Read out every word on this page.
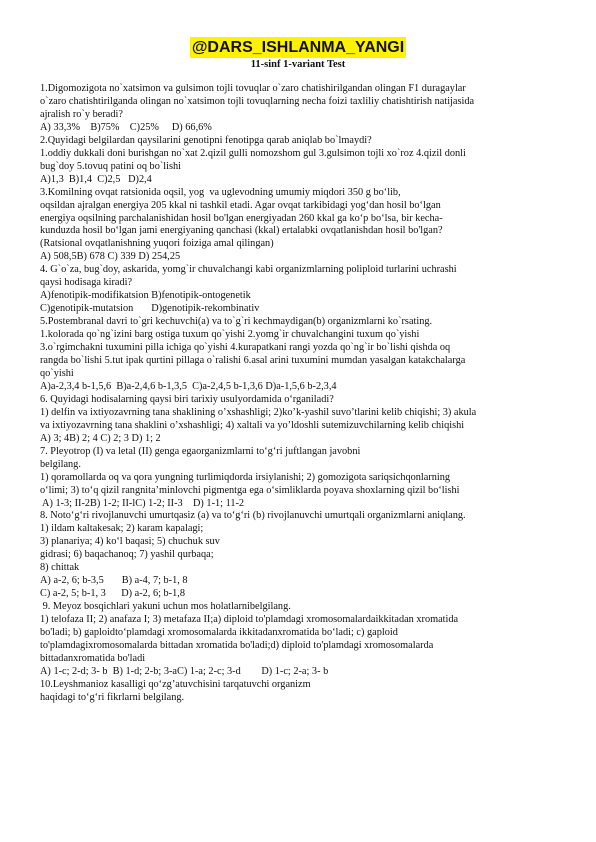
@DARS_ISHLANMA_YANGI
11-sinf 1-variant Test
1.Digomozigota no`xatsimon va gulsimon tojli tovuqlar o`zaro chatishirilgandan olingan F1 duragaylar
o`zaro chatishtirilganda olingan no`xatsimon tojli tovuqlarning necha foizi taxliliy chatishtirish natijasida
ajralish ro`y beradi?
A) 33,3%    B)75%    C)25%     D) 66,6%
2.Quyidagi belgilardan qaysilarini genotipni fenotipga qarab aniqlab bo`lmaydi?
1.oddiy dukkali doni burishgan no`xat 2.qizil gulli nomozshom gul 3.gulsimon tojli xo`roz 4.qizil donli
bug`doy 5.tovuq patini oq bo`lishi
A)1,3  B)1,4  C)2,5   D)2,4
3.Komilning ovqat ratsionida oqsil, yog  va uglevodning umumiy miqdori 350 g bo‘lib,
oqsildan ajralgan energiya 205 kkal ni tashkil etadi. Agar ovqat tarkibidagi yog‘dan hosil bo‘lgan
energiya oqsilning parchalanishidan hosil bo'lgan energiyadan 260 kkal ga ko‘p bo‘lsa, bir kecha-
kunduzda hosil bo‘lgan jami energiyaning qanchasi (kkal) ertalabki ovqatlanishdan hosil bo'lgan?
(Ratsional ovqatlanishning yuqori foiziga amal qilingan)
A) 508,5B) 678 C) 339 D) 254,25
4. G`o`za, bug`doy, askarida, yomg`ir chuvalchangi kabi organizmlarning poliploid turlarini uchrashi
qaysi hodisaga kiradi?
A)fenotipik-modifikatsion B)fenotipik-ontogenetik
C)genotipik-mutatsion       D)genotipik-rekombinativ
5.Postembranal davri to`gri kechuvchi(a) va to`g`ri kechmaydigan(b) organizmlarni ko`rsating.
1.kolorada qo`ng`izini barg ostiga tuxum qo`yishi 2.yomg`ir chuvalchangini tuxum qo`yishi
3.o`rgimchakni tuxumini pilla ichiga qo`yishi 4.kurapatkani rangi yozda qo`ng`ir bo`lishi qishda oq
rangda bo`lishi 5.tut ipak qurtini pillaga o`ralishi 6.asal arini tuxumini mumdan yasalgan katakchalarga
qo`yishi
A)a-2,3,4 b-1,5,6  B)a-2,4,6 b-1,3,5  C)a-2,4,5 b-1,3,6 D)a-1,5,6 b-2,3,4
6. Quyidagi hodisalarning qaysi biri tarixiy usulyordamida o‘rganiladi?
1) delfin va ixtiyozavrning tana shaklining o’xshashligi; 2)ko’k-yashil suvo’tlarini kelib chiqishi; 3) akula
va ixtiyozavrning tana shaklini o’xshashligi; 4) xaltali va yo’ldoshli sutemizuvchilarning kelib chiqishi
A) 3; 4B) 2; 4 C) 2; 3 D) 1; 2
7. Pleyotrop (I) va letal (II) genga egaorganizmlarni to‘g‘ri juftlangan javobni
belgilang.
1) qoramollarda oq va qora yungning turlimiqdorda irsiylanishi; 2) gomozigota sariqsichqonlarning
o‘limi; 3) to‘q qizil rangnita’minlovchi pigmentga ega o‘simliklarda poyava shoxlarning qizil bo‘lishi
A) 1-3; II-2B) 1-2; II-lC) 1-2; II-3    D) 1-1; 11-2
8. Noto‘g‘ri rivojlanuvchi umurtqasiz (a) va to‘g‘ri (b) rivojlanuvchi umurtqali organizmlarni aniqlang.
1) ildam kaltakesak; 2) karam kapalagi;
3) planariya; 4) ko‘l baqasi; 5) chuchuk suv
gidrasi; 6) baqachanoq; 7) yashil qurbaqa;
8) chittak
A) a-2, 6; b-3,5       B) a-4, 7; b-1, 8
C) a-2, 5; b-1, 3      D) a-2, 6; b-1,8
9. Meyoz bosqichlari yakuni uchun mos holatlarnibelgilang.
1) telofaza II; 2) anafaza I; 3) metafaza II;a) diploid to'plamdagi xromosomalardaikkitadan xromatida
bo'ladi; b) gaploidto‘plamdagi xromosomalarda ikkitadanxromatida bo‘ladi; c) gaploid
to'plamdagixromosomalarda bittadan xromatida bo'ladi;d) diploid to'plamdagi xromosomalarda
bittadanxromatida bo'ladi
A) 1-c; 2-d; 3- b  B) 1-d; 2-b; 3-aC) 1-a; 2-c; 3-d        D) 1-c; 2-a; 3- b
10.Leyshmanioz kasalligi qo‘zg’atuvchisini tarqatuvchi organizm
haqidagi to‘g‘ri fikrlarni belgilang.
